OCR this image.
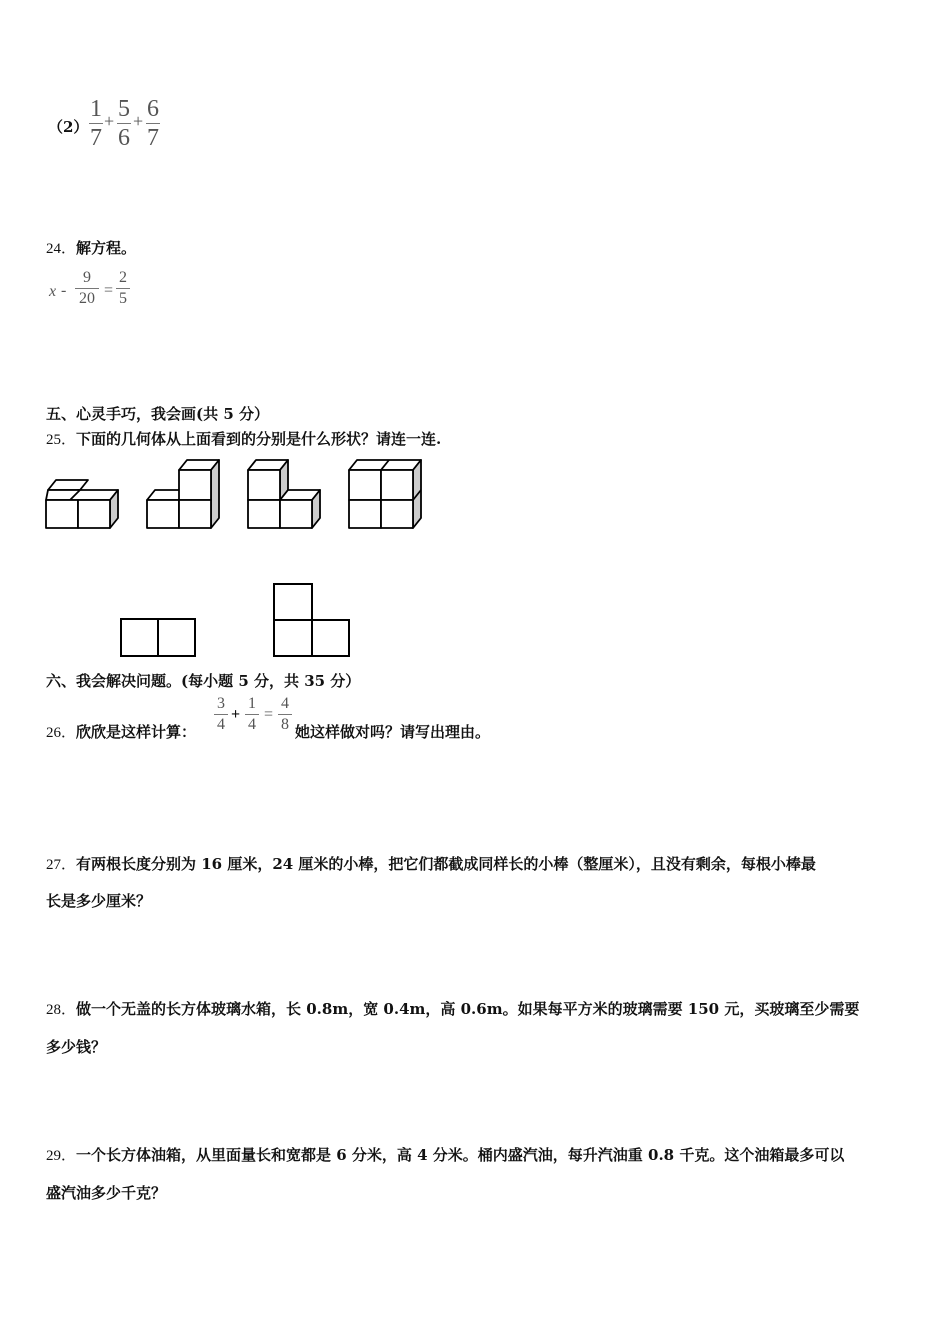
（2）
1
7
+ 5
6
+ 6
7
24．解方程。
x -
9
20 =
2
5
五、心灵手巧，我会画(共 5 分）
25．下面的几何体从上面看到的分别是什么形状？请连一连.
六、我会解决问题。(每小题 5 分，共 35 分）
26．欣欣是这样计算：
3
4
+
1
4
=
4
8 她这样做对吗？请写出理由。
27．有两根长度分别为 16 厘米，24 厘米的小棒，把它们都截成同样长的小棒（整厘米），且没有剩余，每根小棒最
长是多少厘米？
28．做一个无盖的长方体玻璃水箱，长 0.8m，宽 0.4m，高 0.6m。如果每平方米的玻璃需要 150 元，买玻璃至少需要
多少钱？
29．一个长方体油箱，从里面量长和宽都是 6 分米，高 4 分米。桶内盛汽油，每升汽油重 0.8 千克。这个油箱最多可以
盛汽油多少千克？
